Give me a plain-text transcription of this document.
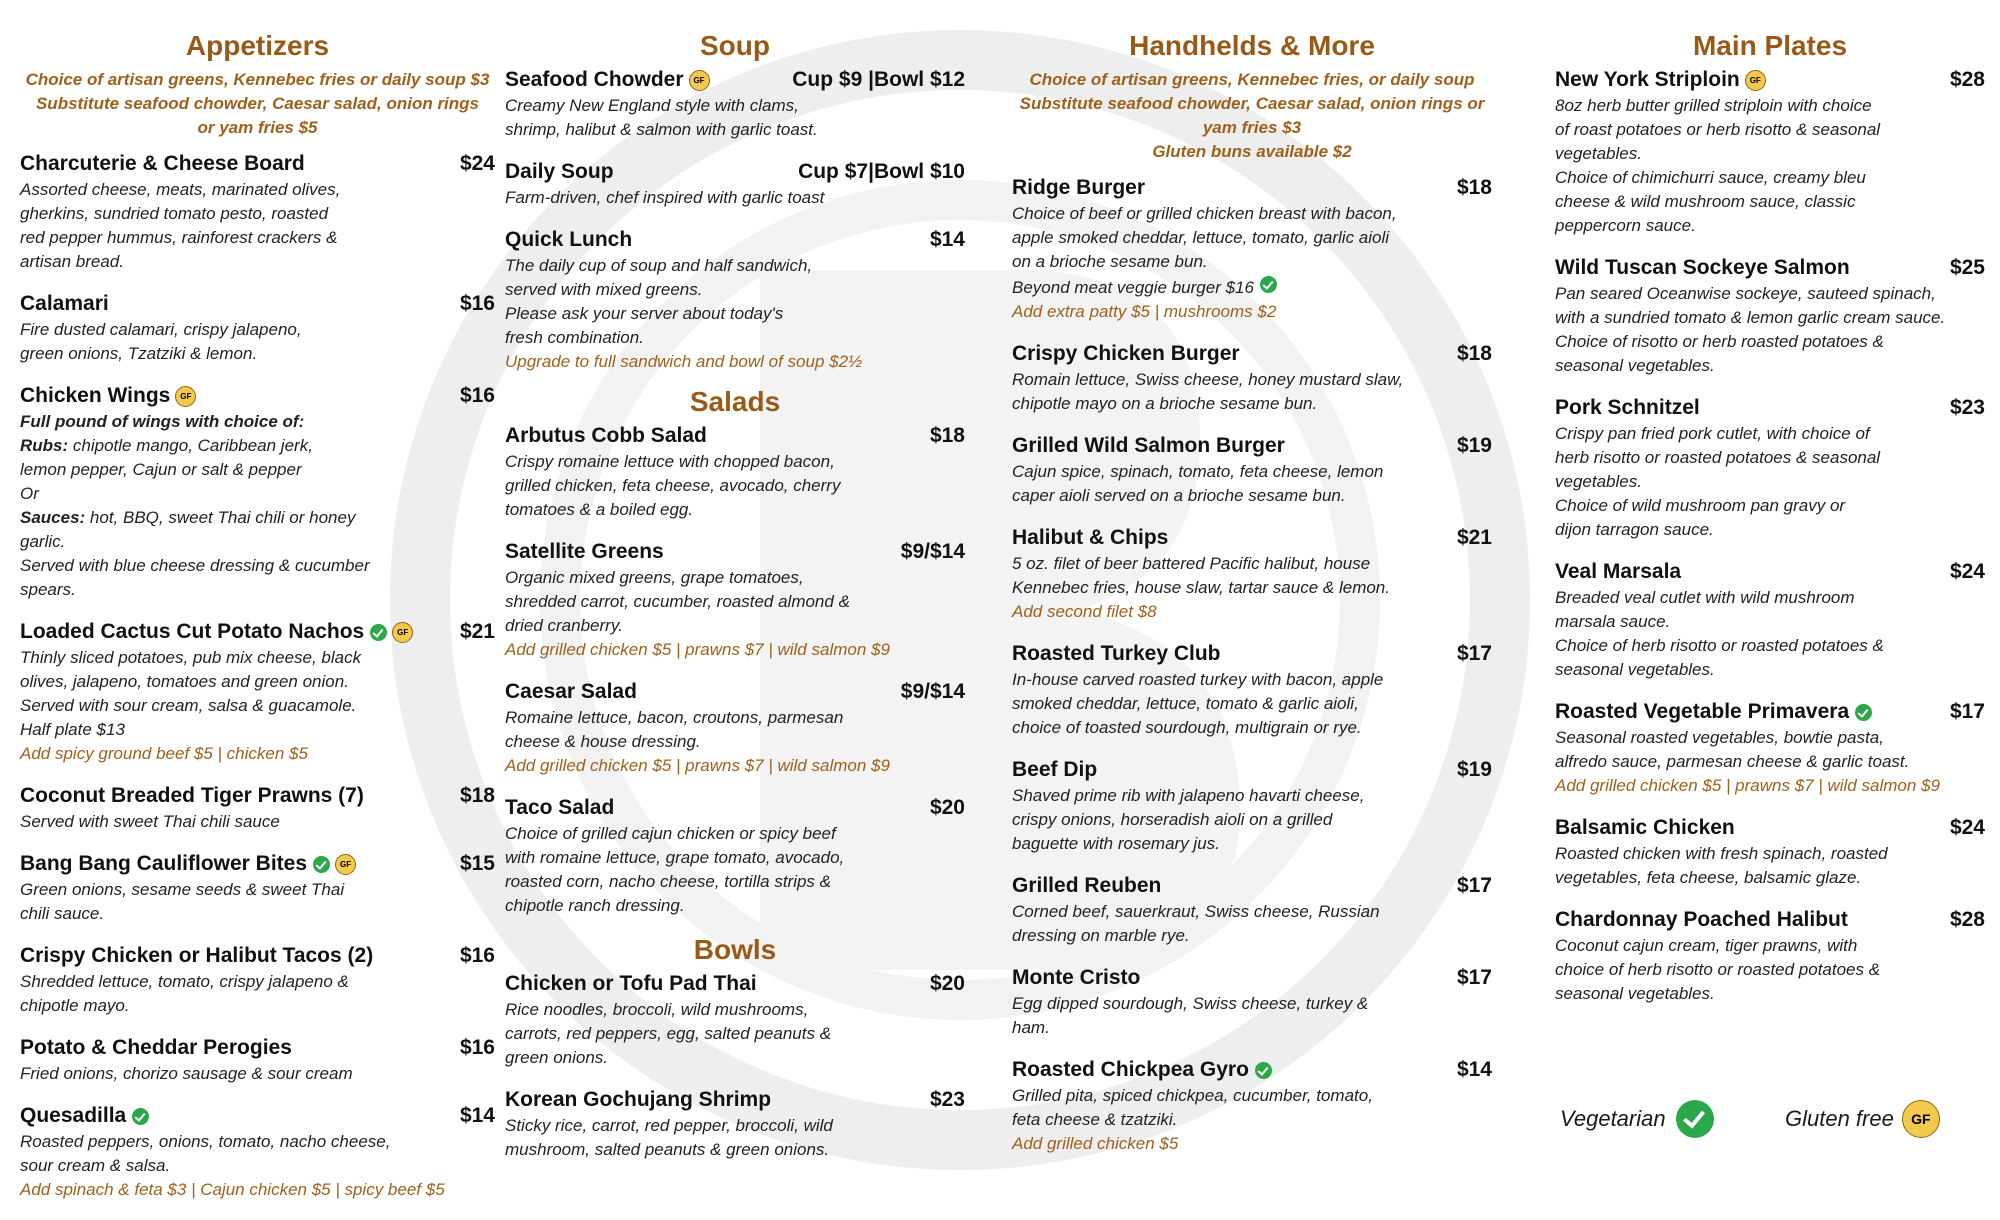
Appetizers
Choice of artisan greens, Kennebec fries or daily soup $3
Substitute seafood chowder, Caesar salad, onion rings
or yam fries $5
Charcuterie & Cheese Board	$24
Assorted cheese, meats, marinated olives,
gherkins, sundried tomato pesto, roasted
red pepper hummus, rainforest crackers &
artisan bread.
Calamari	$16
Fire dusted calamari, crispy jalapeno,
green onions, Tzatziki & lemon.
Chicken Wings	GF	$16
Full pound of wings with choice of:
Rubs: chipotle mango, Caribbean jerk,
lemon pepper, Cajun or salt & pepper
Or
Sauces: hot, BBQ, sweet Thai chili or honey
garlic.
Served with blue cheese dressing & cucumber
spears.
Loaded Cactus Cut Potato Nachos	GF $21
Thinly sliced potatoes, pub mix cheese, black
olives, jalapeno, tomatoes and green onion.
Served with sour cream, salsa & guacamole.
Half plate $13
Add spicy ground beef $5 | chicken $5
Coconut Breaded Tiger Prawns (7)	$18
Served with sweet Thai chili sauce
Bang Bang Cauliflower Bites	GF	$15
Green onions, sesame seeds & sweet Thai
chili sauce.
Crispy Chicken or Halibut Tacos (2)	$16
Shredded lettuce, tomato, crispy jalapeno &
chipotle mayo.
Potato & Cheddar Perogies	$16
Fried onions, chorizo sausage & sour cream
Quesadilla	$14
Roasted peppers, onions, tomato, nacho cheese,
sour cream & salsa.
Add spinach & feta $3 | Cajun chicken $5 | spicy beef $5
Soup
Seafood Chowder	GF	Cup $9 |Bowl $12
Creamy New England style with clams,
shrimp, halibut & salmon with garlic toast.
Daily Soup	Cup $7|Bowl $10
Farm-driven, chef inspired with garlic toast
Quick Lunch	$14
The daily cup of soup and half sandwich,
served with mixed greens.
Please ask your server about today's
fresh combination.
Upgrade to full sandwich and bowl of soup $2½
Salads
Arbutus Cobb Salad	$18
Crispy romaine lettuce with chopped bacon,
grilled chicken, feta cheese, avocado, cherry
tomatoes & a boiled egg.
Satellite Greens	$9/$14
Organic mixed greens, grape tomatoes,
shredded carrot, cucumber, roasted almond &
dried cranberry.
Add grilled chicken $5 | prawns $7 | wild salmon $9
Caesar Salad	$9/$14
Romaine lettuce, bacon, croutons, parmesan
cheese & house dressing.
Add grilled chicken $5 | prawns $7 | wild salmon $9
Taco Salad	$20
Choice of grilled cajun chicken or spicy beef
with romaine lettuce, grape tomato, avocado,
roasted corn, nacho cheese, tortilla strips &
chipotle ranch dressing.
Bowls
Chicken or Tofu Pad Thai	$20
Rice noodles, broccoli, wild mushrooms,
carrots, red peppers, egg, salted peanuts &
green onions.
Korean Gochujang Shrimp	$23
Sticky rice, carrot, red pepper, broccoli, wild
mushroom, salted peanuts & green onions.
Handhelds & More
Choice of artisan greens, Kennebec fries, or daily soup
Substitute seafood chowder, Caesar salad, onion rings or
yam fries $3
Gluten buns available $2
Ridge Burger	$18
Choice of beef or grilled chicken breast with bacon,
apple smoked cheddar, lettuce, tomato, garlic aioli
on a brioche sesame bun.
Beyond meat veggie burger $16
Add extra patty $5 | mushrooms $2
Crispy Chicken Burger	$18
Romain lettuce, Swiss cheese, honey mustard slaw,
chipotle mayo on a brioche sesame bun.
Grilled Wild Salmon Burger	$19
Cajun spice, spinach, tomato, feta cheese, lemon
caper aioli served on a brioche sesame bun.
Halibut & Chips	$21
5 oz. filet of beer battered Pacific halibut, house
Kennebec fries, house slaw, tartar sauce & lemon.
Add second filet $8
Roasted Turkey Club	$17
In-house carved roasted turkey with bacon, apple
smoked cheddar, lettuce, tomato & garlic aioli,
choice of toasted sourdough, multigrain or rye.
Beef Dip	$19
Shaved prime rib with jalapeno havarti cheese,
crispy onions, horseradish aioli on a grilled
baguette with rosemary jus.
Grilled Reuben	$17
Corned beef, sauerkraut, Swiss cheese, Russian
dressing on marble rye.
Monte Cristo	$17
Egg dipped sourdough, Swiss cheese, turkey &
ham.
Roasted Chickpea Gyro	$14
Grilled pita, spiced chickpea, cucumber, tomato,
feta cheese & tzatziki.
Add grilled chicken $5
Main Plates
New York Striploin	GF	$28
8oz herb butter grilled striploin with choice
of roast potatoes or herb risotto & seasonal
vegetables.
Choice of chimichurri sauce, creamy bleu
cheese & wild mushroom sauce, classic
peppercorn sauce.
Wild Tuscan Sockeye Salmon	$25
Pan seared Oceanwise sockeye, sauteed spinach,
with a sundried tomato & lemon garlic cream sauce.
Choice of risotto or herb roasted potatoes &
seasonal vegetables.
Pork Schnitzel	$23
Crispy pan fried pork cutlet, with choice of
herb risotto or roasted potatoes & seasonal
vegetables.
Choice of wild mushroom pan gravy or
dijon tarragon sauce.
Veal Marsala	$24
Breaded veal cutlet with wild mushroom
marsala sauce.
Choice of herb risotto or roasted potatoes &
seasonal vegetables.
Roasted Vegetable Primavera	$17
Seasonal roasted vegetables, bowtie pasta,
alfredo sauce, parmesan cheese & garlic toast.
Add grilled chicken $5 | prawns $7 | wild salmon $9
Balsamic Chicken	$24
Roasted chicken with fresh spinach, roasted
vegetables, feta cheese, balsamic glaze.
Chardonnay Poached Halibut	$28
Coconut cajun cream, tiger prawns, with
choice of herb risotto or roasted potatoes &
seasonal vegetables.
Vegetarian	Gluten free	GF
